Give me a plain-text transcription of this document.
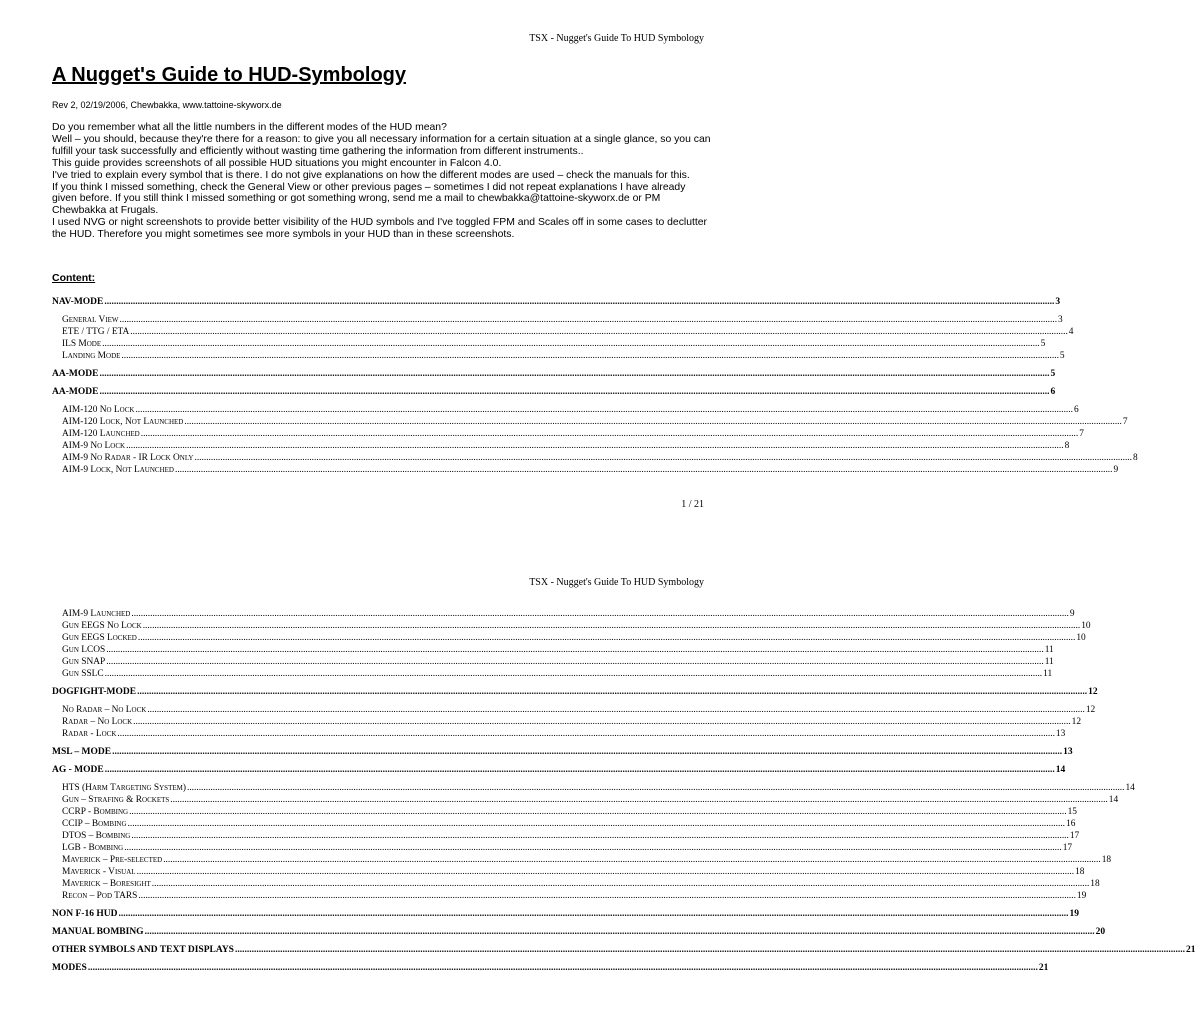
TSX - Nugget's Guide To HUD Symbology
A Nugget's Guide to HUD-Symbology
Rev 2, 02/19/2006, Chewbakka, www.tattoine-skyworx.de

Do you remember what all the little numbers in the different modes of the HUD mean?

Well – you should, because they're there for a reason: to give you all necessary information for a certain situation at a single glance, so you can fulfill your task successfully and efficiently without wasting time gathering the information from different instruments..

This guide provides screenshots of all possible HUD situations you might encounter in Falcon 4.0.

I've tried to explain every symbol that is there. I do not give explanations on how the different modes are used – check the manuals for this.

If you think I missed something, check the General View or other previous pages – sometimes I did not repeat explanations I have already given before. If you still think I missed something or got something wrong, send me a mail to chewbakka@tattoine-skyworx.de or PM Chewbakka at Frugals.

I used NVG or night screenshots to provide better visibility of the HUD symbols and I've toggled FPM and Scales off in some cases to declutter the HUD. Therefore you might sometimes see more symbols in your HUD than in these screenshots.

Content:
NAV-MODE ................................................................................................................................................................................................................................................................................................................................................................................................................ 3
General View ................................................................................................................................................................................................................................................................................................................................................................................................................ 3
ETE / TTG / ETA ................................................................................................................................................................................................................................................................................................................................................................................................................ 4
ILS Mode ................................................................................................................................................................................................................................................................................................................................................................................................................ 5
Landing Mode ................................................................................................................................................................................................................................................................................................................................................................................................................ 5
AA-MODE ................................................................................................................................................................................................................................................................................................................................................................................................................ 5
AA-MODE ................................................................................................................................................................................................................................................................................................................................................................................................................ 6
AIM-120 No Lock ................................................................................................................................................................................................................................................................................................................................................................................................................ 6
AIM-120 Lock, Not Launched ................................................................................................................................................................................................................................................................................................................................................................................................................ 7
AIM-120 Launched ................................................................................................................................................................................................................................................................................................................................................................................................................ 7
AIM-9 No Lock ................................................................................................................................................................................................................................................................................................................................................................................................................ 8
AIM-9 No Radar - IR Lock Only ................................................................................................................................................................................................................................................................................................................................................................................................................ 8
AIM-9 Lock, Not Launched ................................................................................................................................................................................................................................................................................................................................................................................................................ 9
1 / 21
TSX - Nugget's Guide To HUD Symbology
AIM-9 Launched ................................................................................................................................................................................................................................................................................................................................................................................................................ 9
Gun EEGS No Lock ................................................................................................................................................................................................................................................................................................................................................................................................................ 10
Gun EEGS Locked ................................................................................................................................................................................................................................................................................................................................................................................................................ 10
Gun LCOS ................................................................................................................................................................................................................................................................................................................................................................................................................ 11
Gun SNAP ................................................................................................................................................................................................................................................................................................................................................................................................................ 11
Gun SSLC ................................................................................................................................................................................................................................................................................................................................................................................................................ 11
DOGFIGHT-MODE ................................................................................................................................................................................................................................................................................................................................................................................................................ 12
No Radar – No Lock ................................................................................................................................................................................................................................................................................................................................................................................................................ 12
Radar – No Lock ................................................................................................................................................................................................................................................................................................................................................................................................................ 12
Radar - Lock ................................................................................................................................................................................................................................................................................................................................................................................................................ 13
MSL – MODE ................................................................................................................................................................................................................................................................................................................................................................................................................ 13
AG - MODE ................................................................................................................................................................................................................................................................................................................................................................................................................ 14
HTS (Harm Targeting System) ................................................................................................................................................................................................................................................................................................................................................................................................................ 14
Gun – Strafing & Rockets ................................................................................................................................................................................................................................................................................................................................................................................................................ 14
CCRP - Bombing ................................................................................................................................................................................................................................................................................................................................................................................................................ 15
CCIP – Bombing ................................................................................................................................................................................................................................................................................................................................................................................................................ 16
DTOS – Bombing ................................................................................................................................................................................................................................................................................................................................................................................................................ 17
LGB - Bombing ................................................................................................................................................................................................................................................................................................................................................................................................................ 17
Maverick – Pre-selected ................................................................................................................................................................................................................................................................................................................................................................................................................ 18
Maverick - Visual ................................................................................................................................................................................................................................................................................................................................................................................................................ 18
Maverick – Boresight ................................................................................................................................................................................................................................................................................................................................................................................................................ 18
Recon – Pod TARS ................................................................................................................................................................................................................................................................................................................................................................................................................ 19
NON F-16 HUD ................................................................................................................................................................................................................................................................................................................................................................................................................ 19
MANUAL BOMBING ................................................................................................................................................................................................................................................................................................................................................................................................................ 20
OTHER SYMBOLS AND TEXT DISPLAYS ................................................................................................................................................................................................................................................................................................................................................................................................................ 21
MODES ................................................................................................................................................................................................................................................................................................................................................................................................................ 21
